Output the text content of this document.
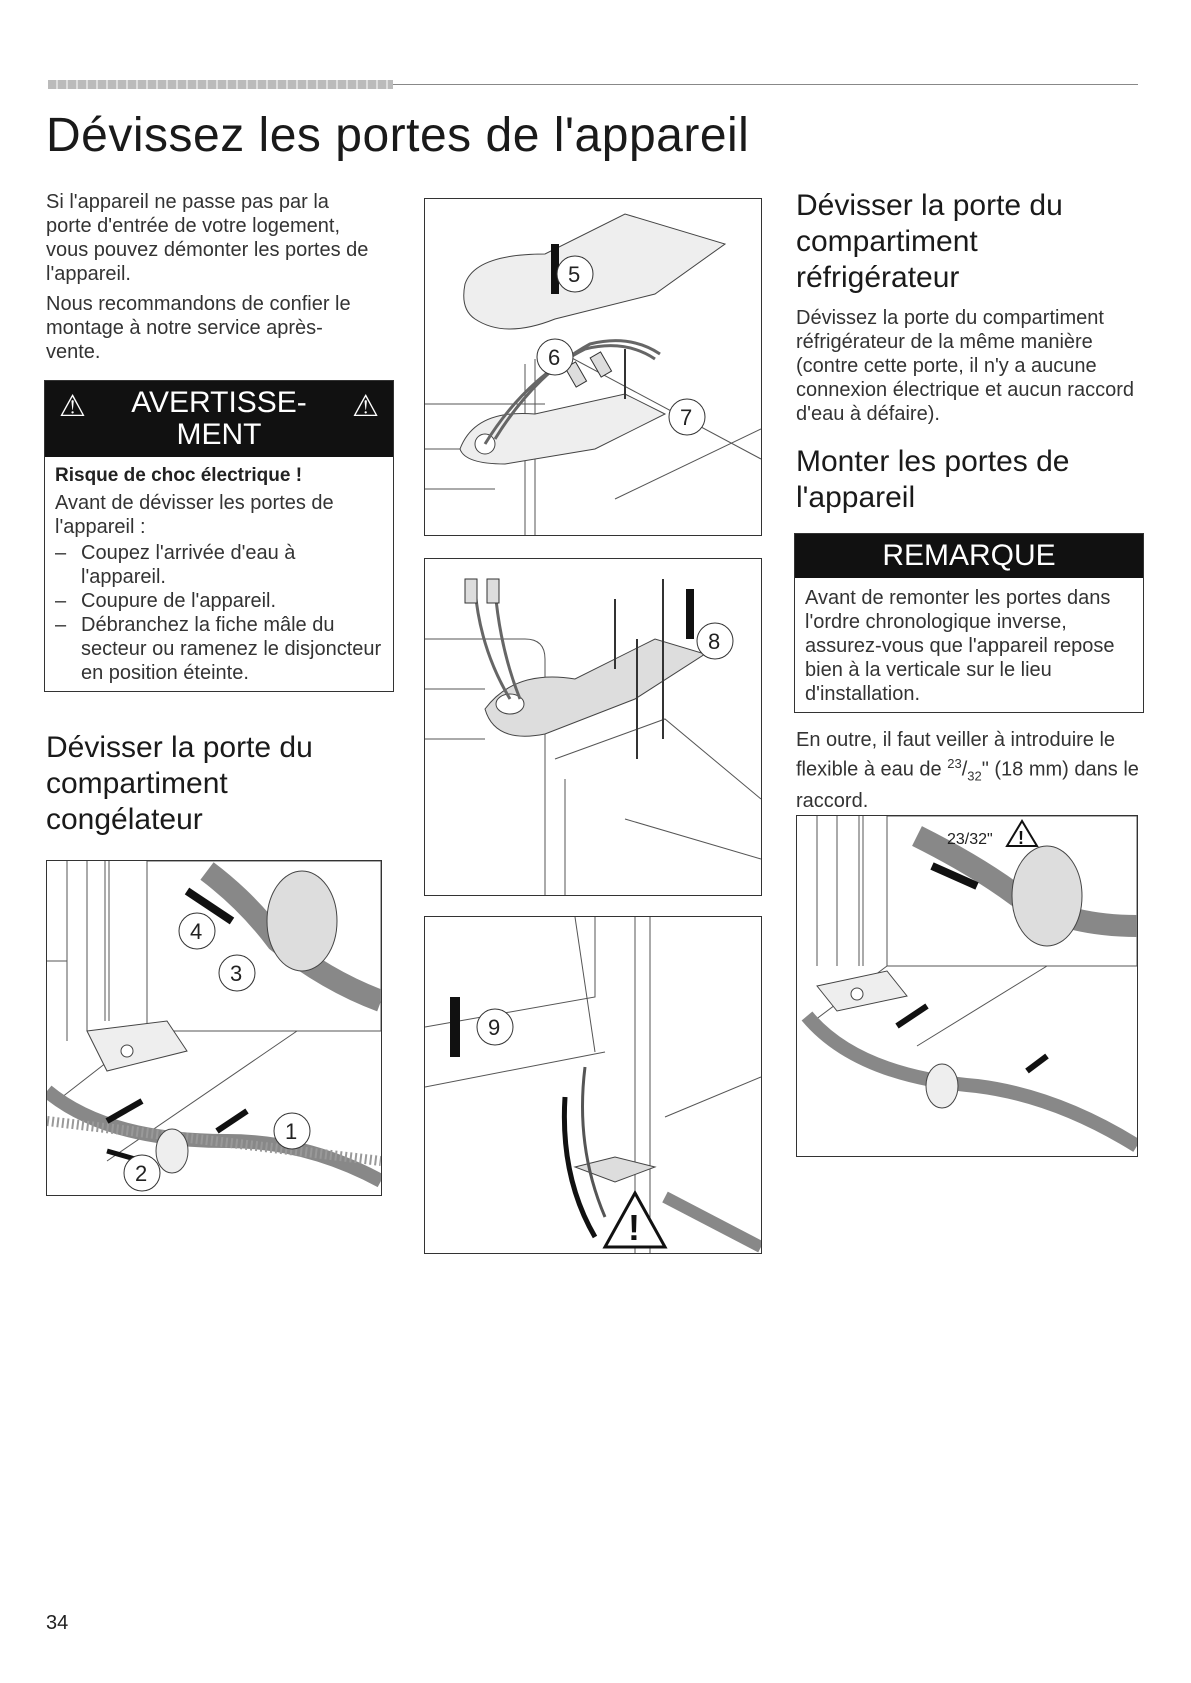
Dévissez les portes de l'appareil

Si l'appareil ne passe pas par la porte d'entrée de votre logement, vous pouvez démonter les portes de l'appareil.

Nous recommandons de confier le montage à notre service après-vente.

⚠	AVERTISSE-
MENT
⚠
Risque de choc électrique !

Avant de dévisser les portes de l'appareil :

– Coupez l'arrivée d'eau à l'appareil.
– Coupure de l'appareil.
– Débranchez la fiche mâle du secteur ou ramenez le disjoncteur en position éteinte.
Dévisser la porte du compartiment congélateur
4
3
2
1
5
6
7
8
!
9
Dévisser la porte du compartiment réfrigérateur

Dévissez la porte du compartiment réfrigérateur de la même manière (contre cette porte, il n'y a aucune connexion électrique et aucun raccord d'eau à défaire).

Monter les portes de l'appareil
REMARQUE

Avant de remonter les portes dans l'ordre chronologique inverse, assurez-vous que l'appareil repose bien à la verticale sur le lieu d'installation.

En outre, il faut veiller à introduire le flexible à eau de $^{23}/_{32}$" (18 mm) dans le raccord.

23/32" !
34
